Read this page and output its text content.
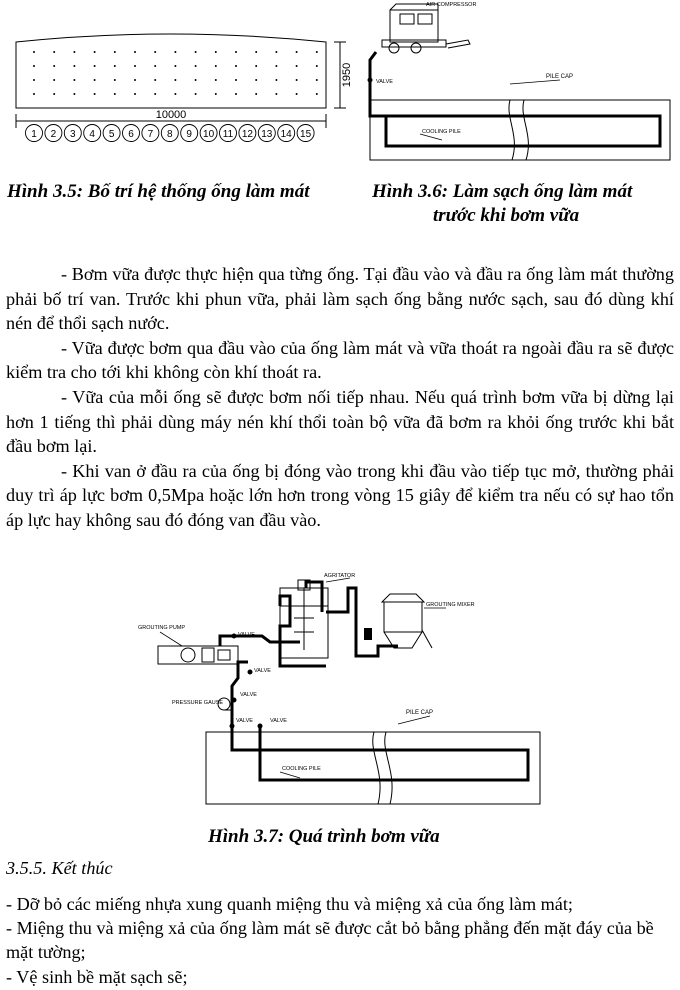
1950
10000
1 2 3 4 5 6 7 8 9 10 11 12 13 14 15
Hình 3.5: Bố trí hệ thống ống làm mát
AIR COMPRESSOR
PILE CAP
VALVE
COOLING PILE
Hình 3.6: Làm sạch ống làm mát
trước khi bơm vữa

- Bơm vữa được thực hiện qua từng ống. Tại đầu vào và đầu ra ống làm mát thường phải bố trí van. Trước khi phun vữa, phải làm sạch ống bằng nước sạch, sau đó dùng khí nén để thổi sạch nước.

- Vữa được bơm qua đầu vào của ống làm mát và vữa thoát ra ngoài đầu ra sẽ được kiểm tra cho tới khi không còn khí thoát ra.

- Vữa của mỗi ống sẽ được bơm nối tiếp nhau. Nếu quá trình bơm vữa bị dừng lại hơn 1 tiếng thì phải dùng máy nén khí thổi toàn bộ vữa đã bơm ra khỏi ống trước khi bắt đầu bơm lại.

- Khi van ở đầu ra của ống bị đóng vào trong khi đầu vào tiếp tục mở, thường phải duy trì áp lực bơm 0,5Mpa hoặc lớn hơn trong vòng 15 giây để kiểm tra nếu có sự hao tổn áp lực hay không sau đó đóng van đầu vào.

PILE CAP
COOLING PILE
VALVE	VALVE
VALVE
PRESSURE GAUSE
VALVE
GROUTING PUMP
VALVE
AGRITATOR
GROUTING MIXER
Hình 3.7: Quá trình bơm vữa
3.5.5. Kết thúc
- Dỡ bỏ các miếng nhựa xung quanh miệng thu và miệng xả của ống làm mát;
- Miệng thu và miệng xả của ống làm mát sẽ được cắt bỏ bằng phẳng đến mặt đáy của bề mặt tường;
- Vệ sinh bề mặt sạch sẽ;
